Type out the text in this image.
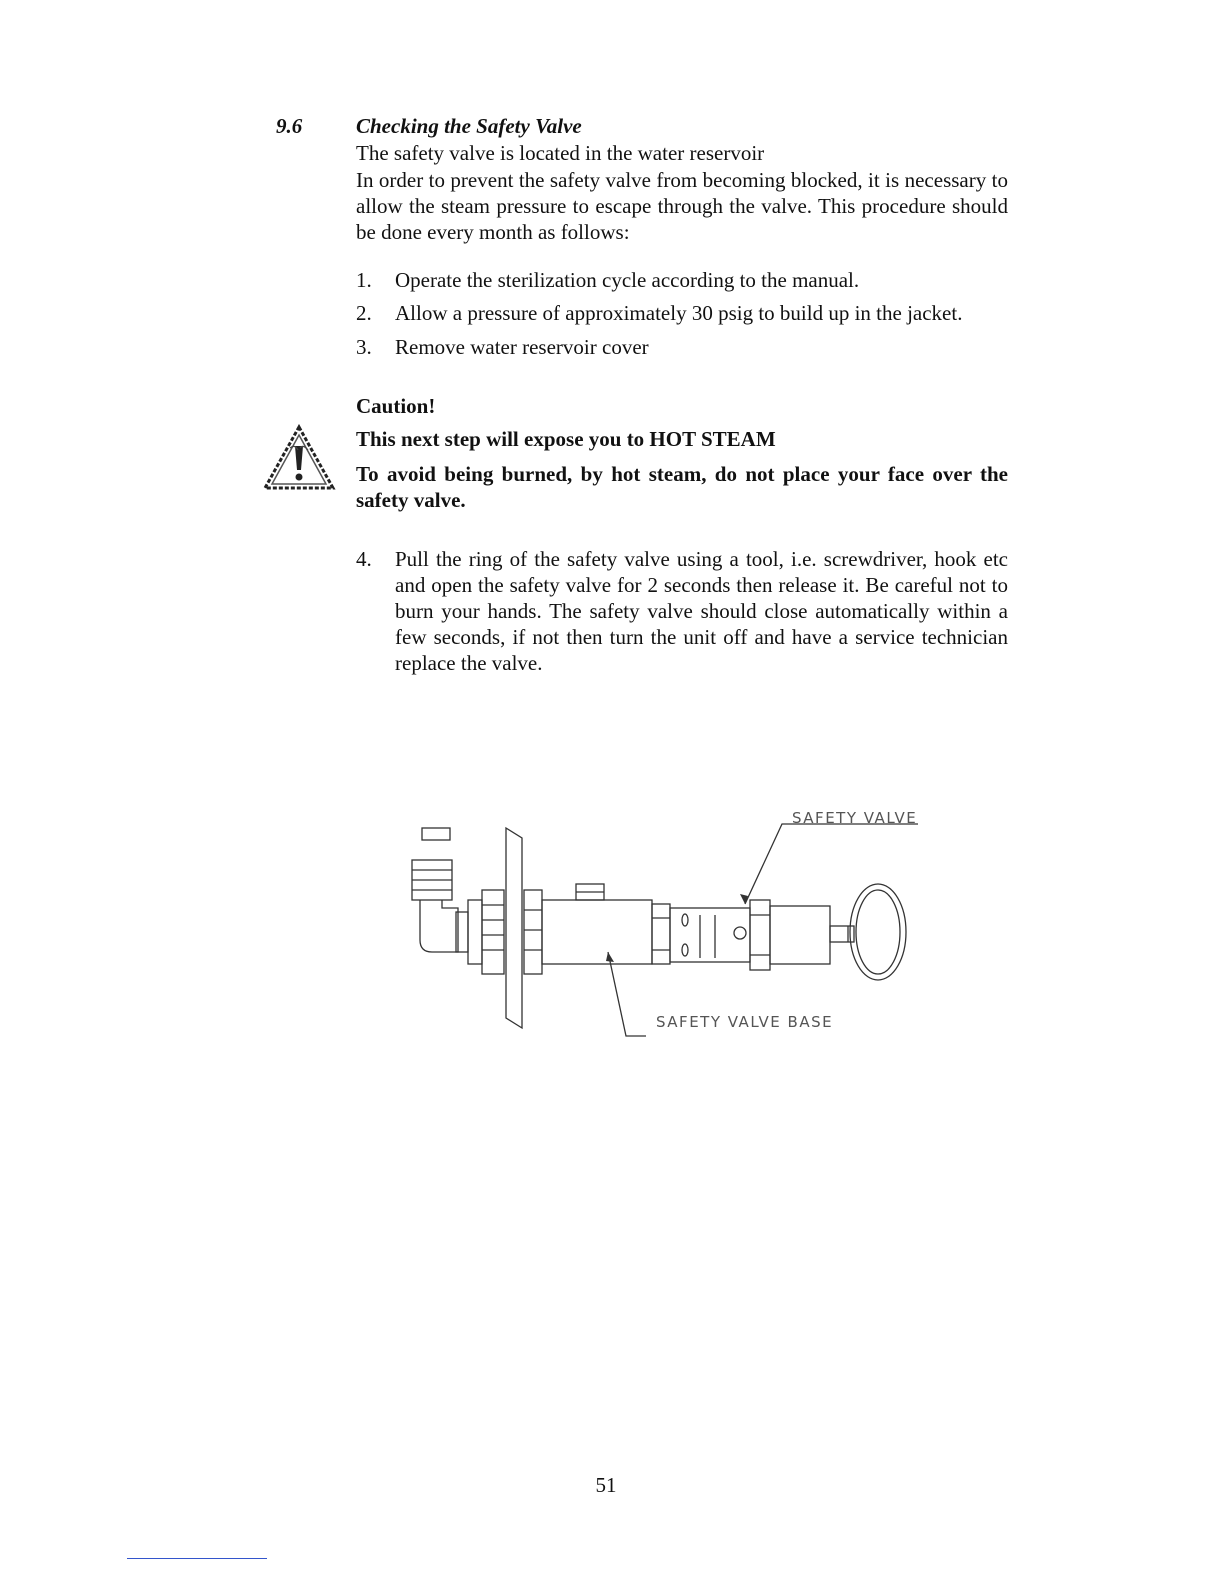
9.6	Checking the Safety Valve
The safety valve is located in the water reservoir
In order to prevent the safety valve from becoming blocked, it is necessary to allow the steam pressure to escape through the valve. This procedure should be done every month as follows:
1. Operate the sterilization cycle according to the manual.
2. Allow a pressure of approximately 30 psig to build up in the jacket.
3. Remove water reservoir cover
Caution!
This next step will expose you to HOT STEAM
To avoid being burned, by hot steam, do not place your face over the safety valve.
4. Pull the ring of the safety valve using a tool, i.e. screwdriver, hook etc and open the safety valve for 2 seconds then release it. Be careful not to burn your hands. The safety valve should close automatically within a few seconds, if not then turn the unit off and have a service technician replace the valve.
SAFETY VALVE
SAFETY VALVE BASE
51
